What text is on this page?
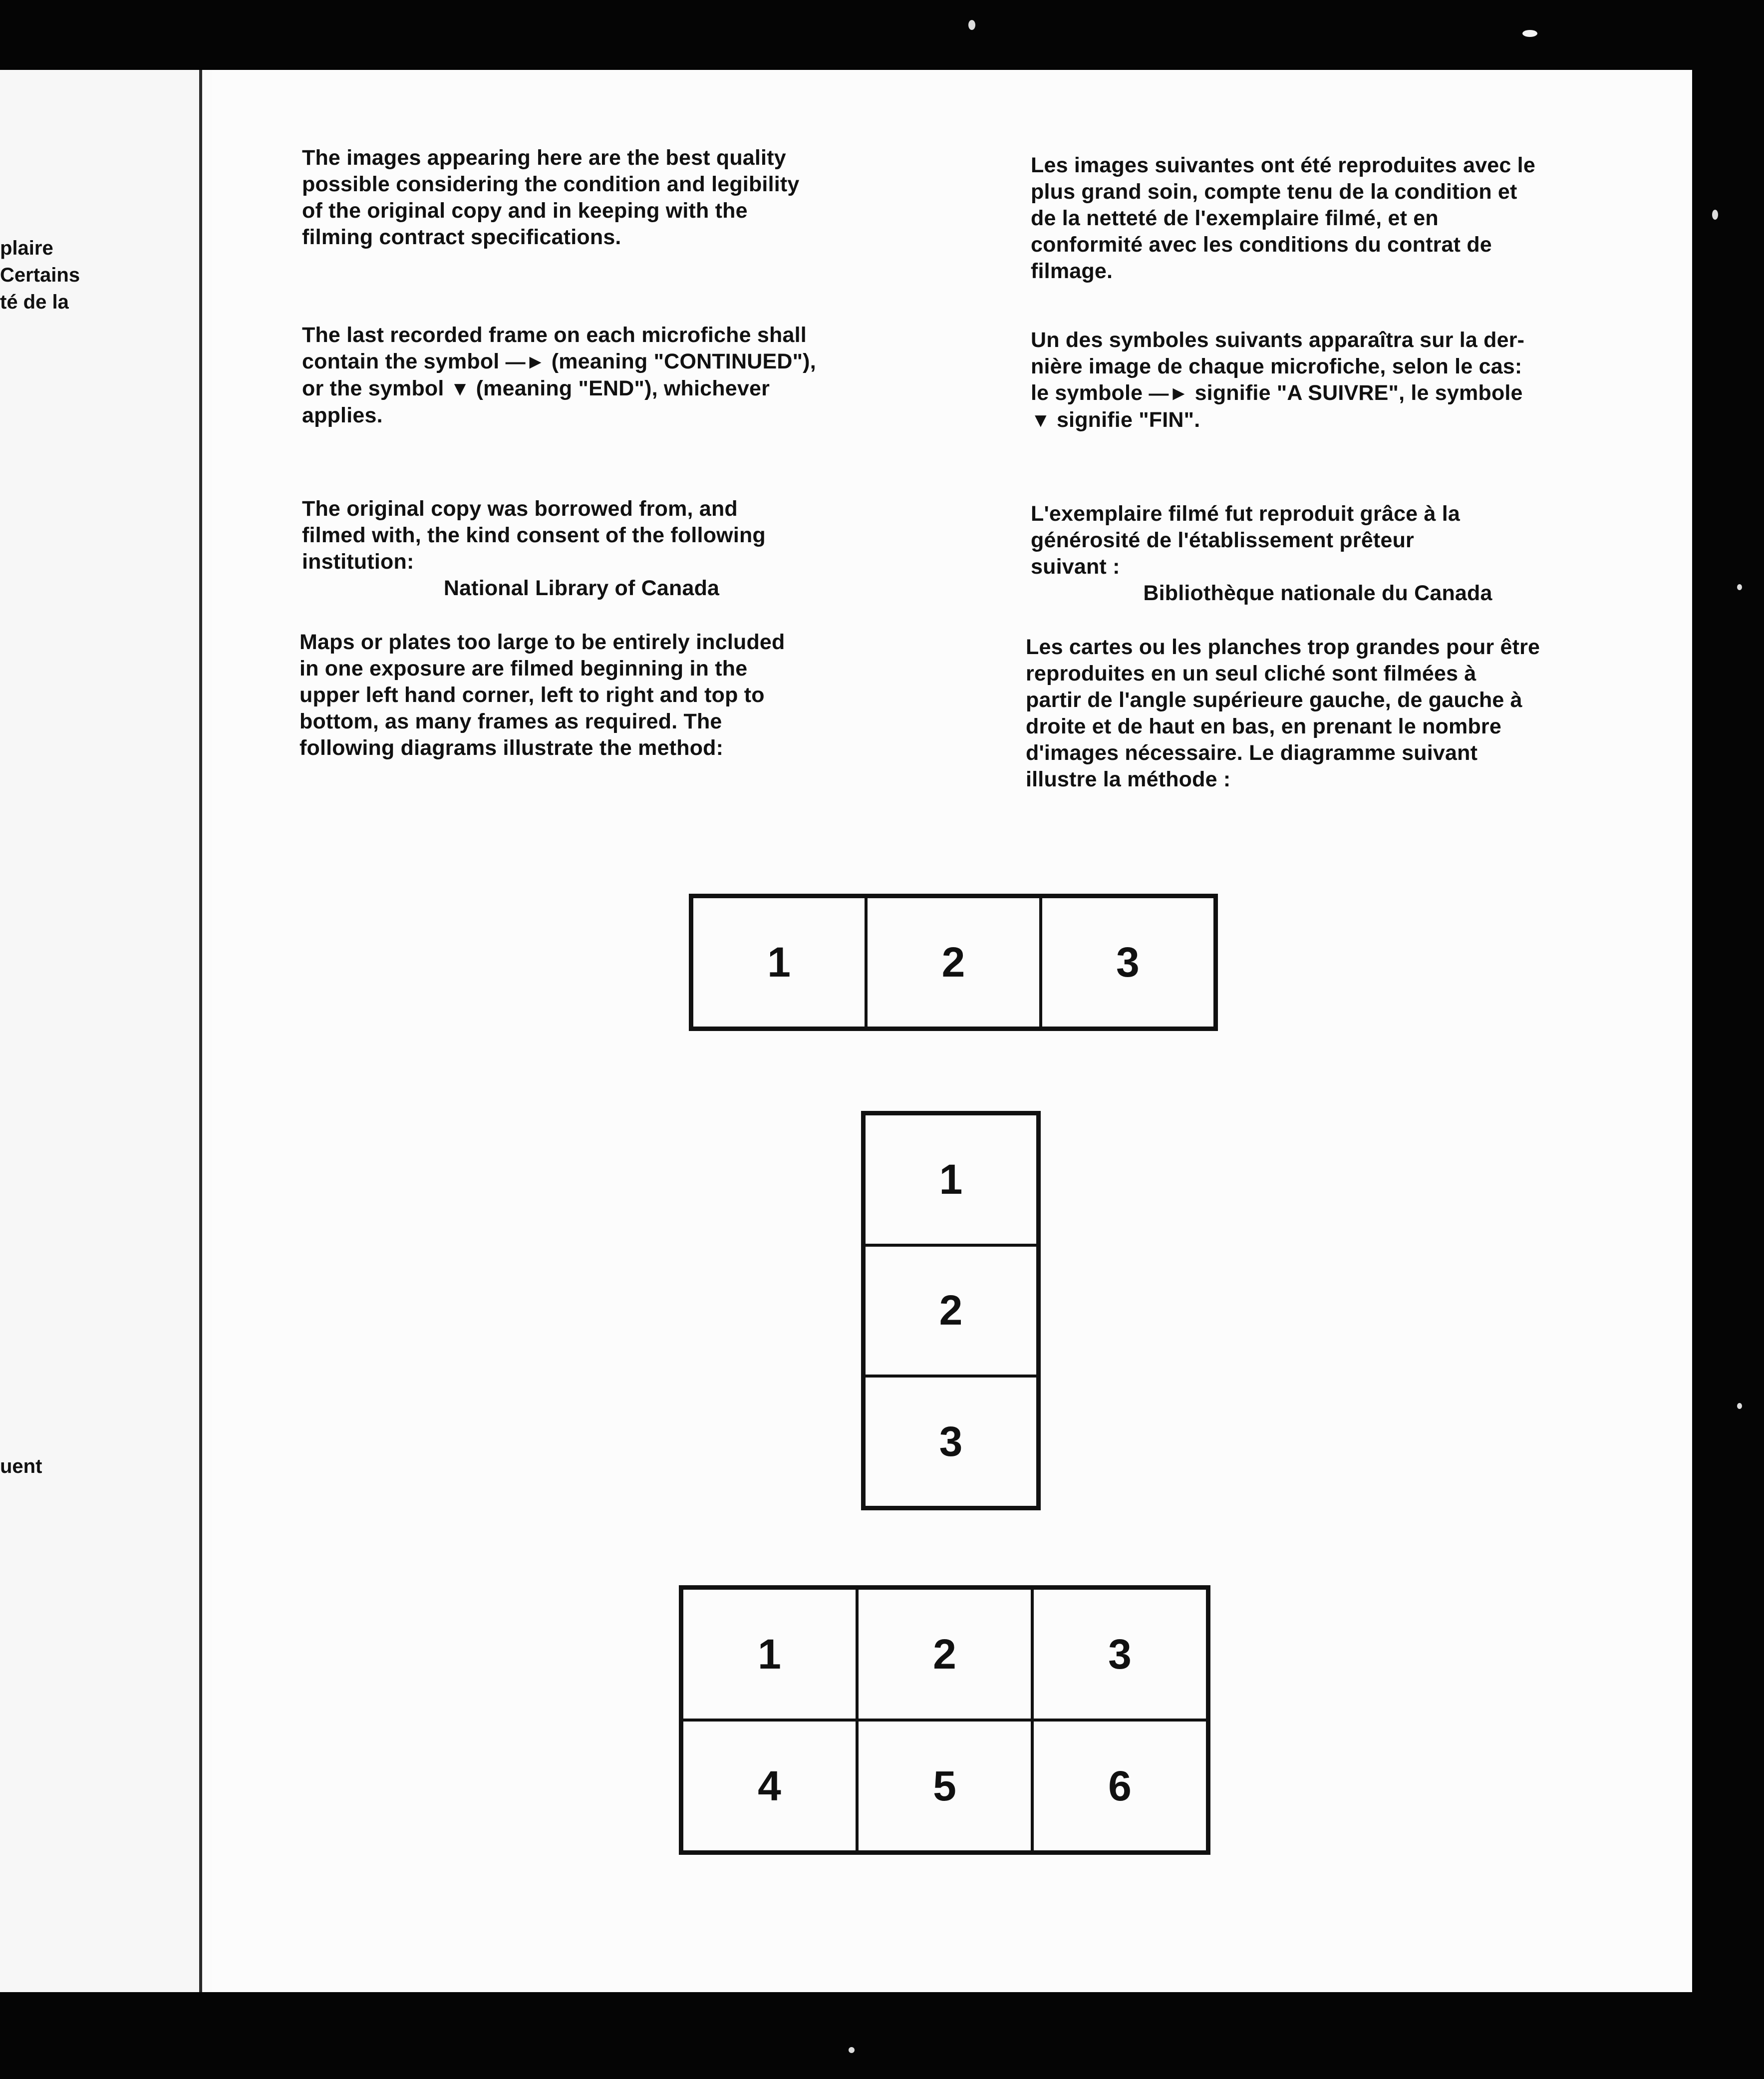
plaire
Certains
té de la
uent

The images appearing here are the best quality
possible considering the condition and legibility
of the original copy and in keeping with the
filming contract specifications.

The last recorded frame on each microfiche shall
contain the symbol —► (meaning "CONTINUED"),
or the symbol ▼ (meaning "END"), whichever
applies.

The original copy was borrowed from, and
filmed with, the kind consent of the following
institution:

National Library of Canada

Maps or plates too large to be entirely included
in one exposure are filmed beginning in the
upper left hand corner, left to right and top to
bottom, as many frames as required. The
following diagrams illustrate the method:

Les images suivantes ont été reproduites avec le
plus grand soin, compte tenu de la condition et
de la netteté de l'exemplaire filmé, et en
conformité avec les conditions du contrat de
filmage.

Un des symboles suivants apparaîtra sur la der-
nière image de chaque microfiche, selon le cas:
le symbole —► signifie "A SUIVRE", le symbole
▼ signifie "FIN".

L'exemplaire filmé fut reproduit grâce à la
générosité de l'établissement prêteur
suivant :

Bibliothèque nationale du Canada

Les cartes ou les planches trop grandes pour être
reproduites en un seul cliché sont filmées à
partir de l'angle supérieure gauche, de gauche à
droite et de haut en bas, en prenant le nombre
d'images nécessaire. Le diagramme suivant
illustre la méthode :

1	2	3
1
2
3
1	2	3
4	5	6
